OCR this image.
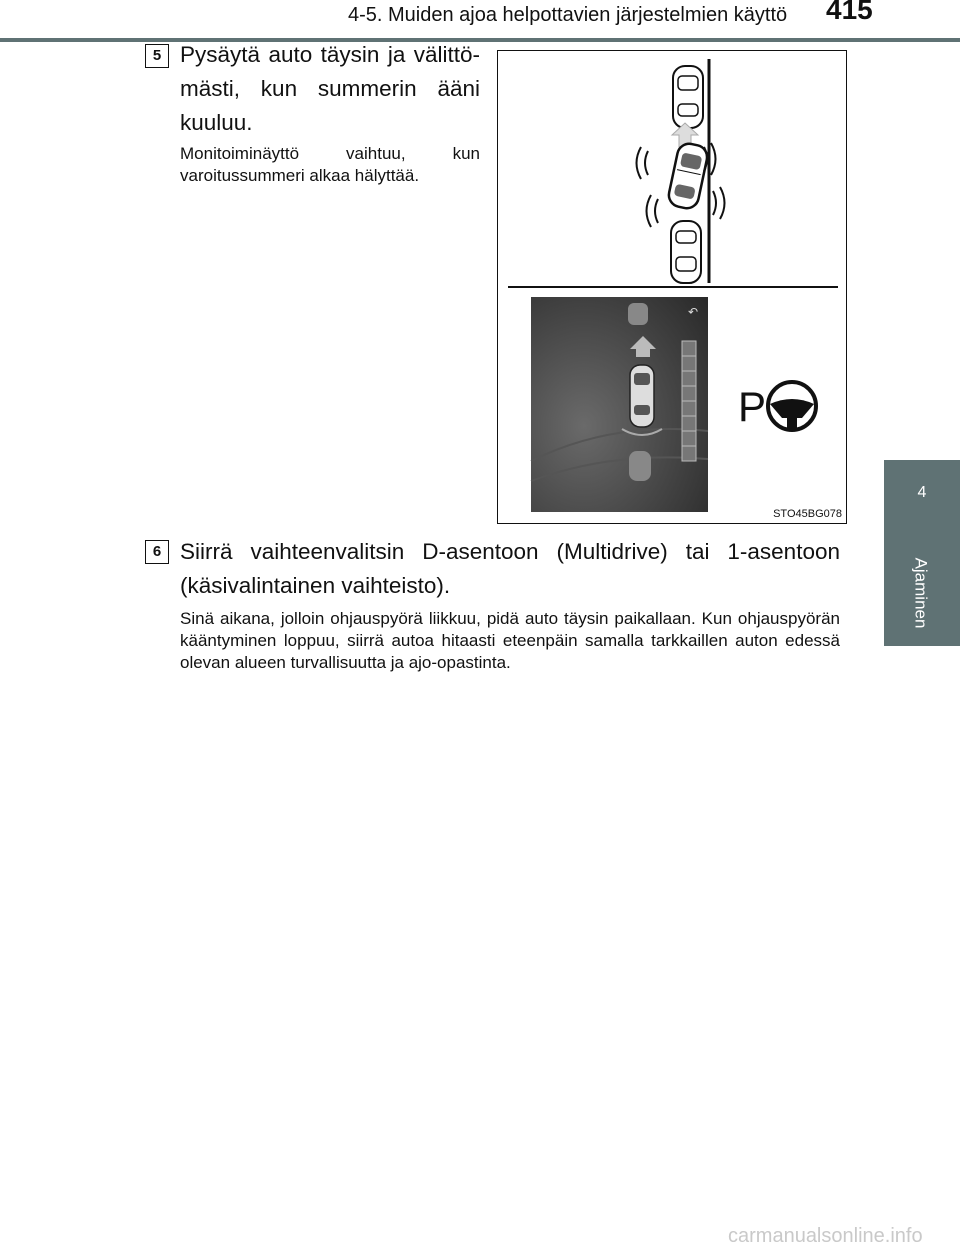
4-5. Muiden ajoa helpottavien järjestelmien käyttö 415
4
Ajaminen
5 Pysäytä auto täysin ja välittö-
mästi, kun summerin ääni
kuuluu.
Monitoiminäyttö vaihtuu, kun varoitussummeri alkaa hälyttää.
↶
P
STO45BG078
6 Siirrä vaihteenvalitsin D-asentoon (Multidrive) tai 1-asentoon (käsivalintainen vaihteisto).
Sinä aikana, jolloin ohjauspyörä liikkuu, pidä auto täysin paikallaan. Kun ohjauspyörän kääntyminen loppuu, siirrä autoa hitaasti eteenpäin samalla tarkkaillen auton edessä olevan alueen turvallisuutta ja ajo-opastinta.
carmanualsonline.info
